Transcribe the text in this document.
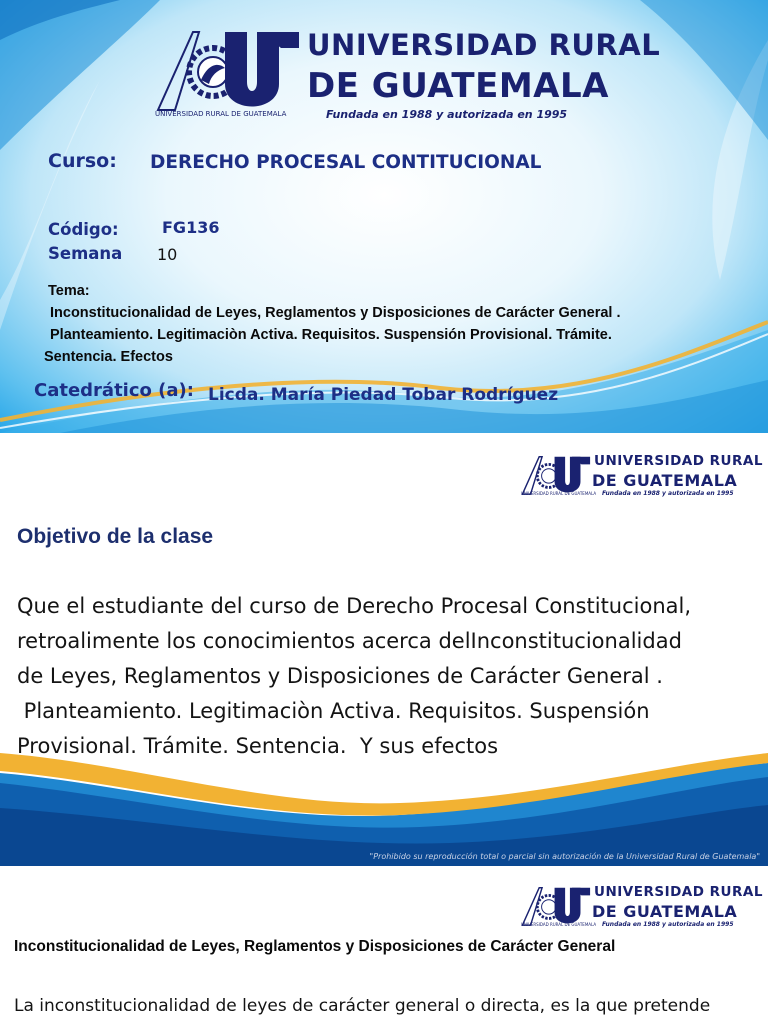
UNIVERSIDAD RURAL
DE GUATEMALA
Fundada en 1988 y autorizada en 1995
UNIVERSIDAD RURAL DE GUATEMALA
Curso: DERECHO PROCESAL CONTITUCIONAL
Código:	FG136
Semana 10
Tema:
Inconstitucionalidad de Leyes, Reglamentos y Disposiciones de Carácter General .
Planteamiento. Legitimaciòn Activa. Requisitos. Suspensión Provisional. Trámite.
Sentencia. Efectos
Catedrático (a): Licda. María Piedad Tobar Rodríguez
UNIVERSIDAD RURAL
DE GUATEMALA
Fundada en 1988 y autorizada en 1995
UNIVERSIDAD RURAL DE GUATEMALA
Objetivo de la clase
Que el estudiante del curso de Derecho Procesal Constitucional,
retroalimente los conocimientos acerca delInconstitucionalidad
de Leyes, Reglamentos y Disposiciones de Carácter General .
Planteamiento. Legitimaciòn Activa. Requisitos. Suspensión
Provisional. Trámite. Sentencia.  Y sus efectos
"Prohibido su reproducción total o parcial sin autorización de la Universidad Rural de Guatemala"
UNIVERSIDAD RURAL
DE GUATEMALA
Fundada en 1988 y autorizada en 1995
UNIVERSIDAD RURAL DE GUATEMALA
Inconstitucionalidad de Leyes, Reglamentos y Disposiciones de Carácter General
La inconstitucionalidad de leyes de carácter general o directa, es la que pretende
